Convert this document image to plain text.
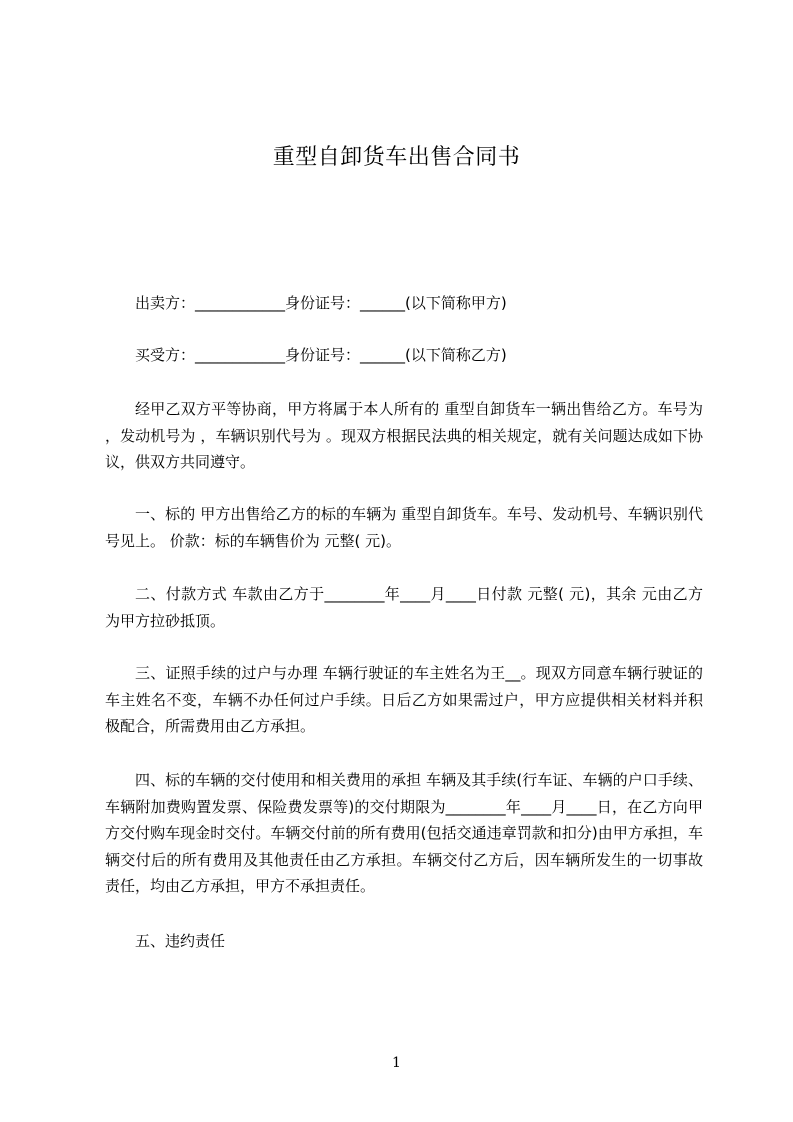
重型自卸货车出售合同书

出卖方：____________身份证号：______(以下简称甲方)

买受方：____________身份证号：______(以下简称乙方)

经甲乙双方平等协商，甲方将属于本人所有的 重型自卸货车一辆出售给乙方。车号为 ，发动机号为 ，车辆识别代号为 。现双方根据民法典的相关规定，就有关问题达成如下协议，供双方共同遵守。

一、标的 甲方出售给乙方的标的车辆为 重型自卸货车。车号、发动机号、车辆识别代号见上。 价款：标的车辆售价为 元整( 元)。

二、付款方式 车款由乙方于________年____月____日付款 元整( 元)，其余 元由乙方为甲方拉砂抵顶。

三、证照手续的过户与办理 车辆行驶证的车主姓名为王__。现双方同意车辆行驶证的车主姓名不变，车辆不办任何过户手续。日后乙方如果需过户，甲方应提供相关材料并积极配合，所需费用由乙方承担。

四、标的车辆的交付使用和相关费用的承担 车辆及其手续(行车证、车辆的户口手续、车辆附加费购置发票、保险费发票等)的交付期限为________年____月____日，在乙方向甲方交付购车现金时交付。车辆交付前的所有费用(包括交通违章罚款和扣分)由甲方承担，车辆交付后的所有费用及其他责任由乙方承担。车辆交付乙方后，因车辆所发生的一切事故责任，均由乙方承担，甲方不承担责任。

五、违约责任

1
